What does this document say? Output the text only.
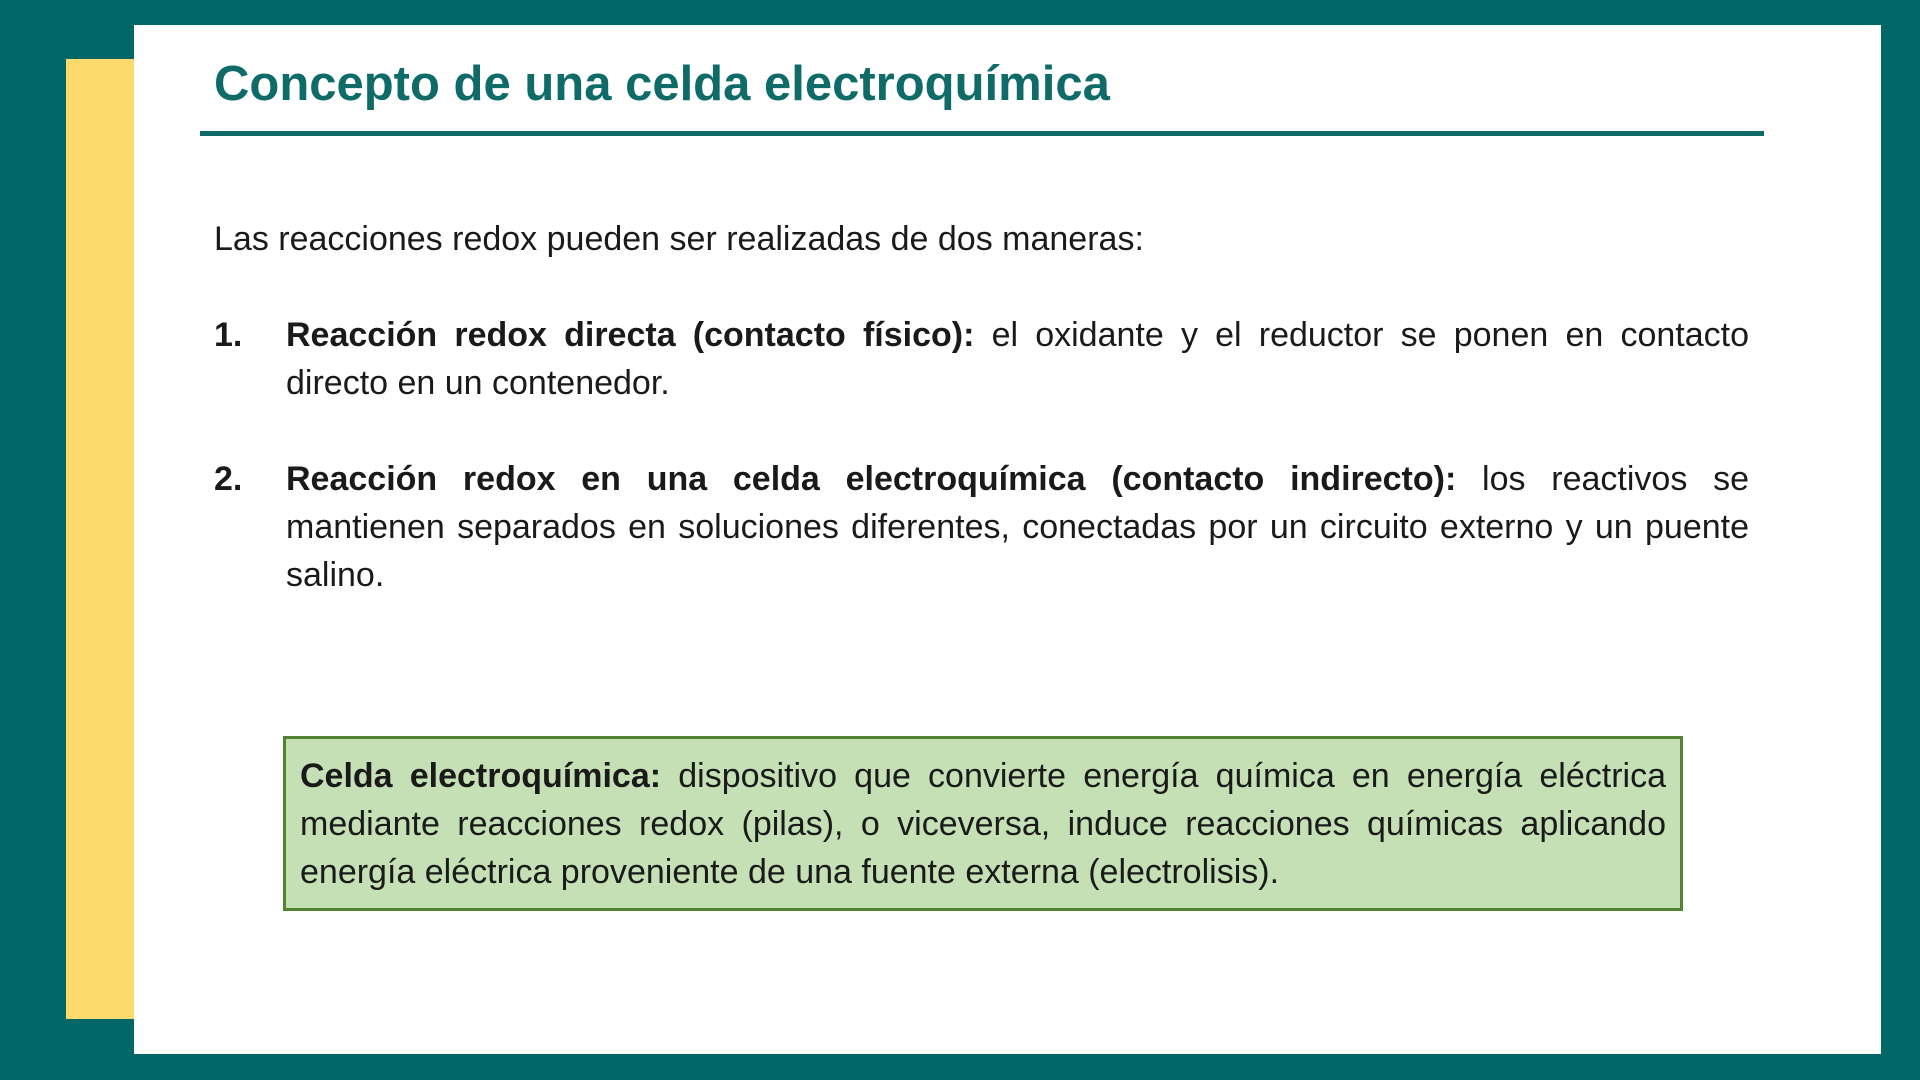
Concepto de una celda electroquímica

Las reacciones redox pueden ser realizadas de dos maneras:

1. Reacción redox directa (contacto físico): el oxidante y el reductor se ponen en contacto directo en un contenedor.
2. Reacción redox en una celda electroquímica (contacto indirecto): los reactivos se mantienen separados en soluciones diferentes, conectadas por un circuito externo y un puente salino.
Celda electroquímica: dispositivo que convierte energía química en energía eléctrica mediante reacciones redox (pilas), o viceversa, induce reacciones químicas aplicando energía eléctrica proveniente de una fuente externa (electrolisis).
